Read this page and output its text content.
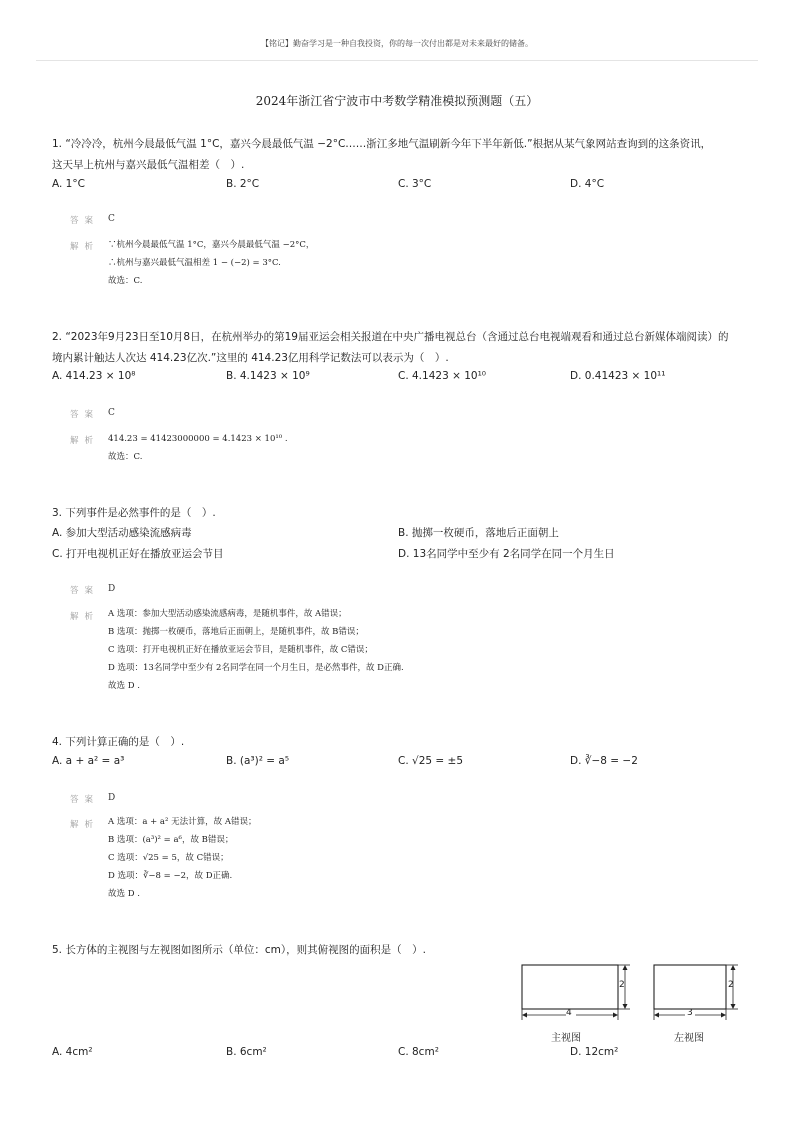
【铭记】勤奋学习是一种自我投资，你的每一次付出都是对未来最好的储备。
2024年浙江省宁波市中考数学精准模拟预测题（五）
1. “冷冷冷，杭州今晨最低气温 1°C，嘉兴今晨最低气温 −2°C……浙江多地气温刷新今年下半年新低.”根据从某气象网站查询到的这条资讯，
这天早上杭州与嘉兴最低气温相差（　）.
A. 1°C	B. 2°C	C. 3°C	D. 4°C
答案 C
解析 ∵杭州今晨最低气温 1°C，嘉兴今晨最低气温 −2°C，
∴杭州与嘉兴最低气温相差 1 − (−2) = 3°C.
故选：C.
2. “2023年9月23日至10月8日，在杭州举办的第19届亚运会相关报道在中央广播电视总台（含通过总台电视端观看和通过总台新媒体端阅读）的
境内累计触达人次达 414.23亿次.”这里的 414.23亿用科学记数法可以表示为（　）.
A. 414.23 × 10⁸	B. 4.1423 × 10⁹	C. 4.1423 × 10¹⁰	D. 0.41423 × 10¹¹
答案 C
解析 414.23 = 41423000000 = 4.1423 × 10¹⁰ .
故选：C.
3. 下列事件是必然事件的是（　）.
A. 参加大型活动感染流感病毒	B. 抛掷一枚硬币，落地后正面朝上
C. 打开电视机正好在播放亚运会节目	D. 13名同学中至少有 2名同学在同一个月生日
答案 D
解析 A 选项：参加大型活动感染流感病毒，是随机事件，故 A错误；
B 选项：抛掷一枚硬币，落地后正面朝上，是随机事件，故 B错误；
C 选项：打开电视机正好在播放亚运会节目，是随机事件，故 C错误；
D 选项：13名同学中至少有 2名同学在同一个月生日，是必然事件，故 D正确.
故选 D .
4. 下列计算正确的是（　）.
A. a + a² = a³	B. (a³)² = a⁵	C. √25 = ±5	D. ∛−8 = −2
答案 D
解析 A 选项：a + a² 无法计算，故 A错误；
B 选项：(a³)² = a⁶，故 B错误；
C 选项：√25 = 5，故 C错误；
D 选项：∛−8 = −2，故 D正确.
故选 D .
5. 长方体的主视图与左视图如图所示（单位：cm），则其俯视图的面积是（　）.
2
4
主视图
2
3
左视图
A. 4cm²	B. 6cm²	C. 8cm²	D. 12cm²
